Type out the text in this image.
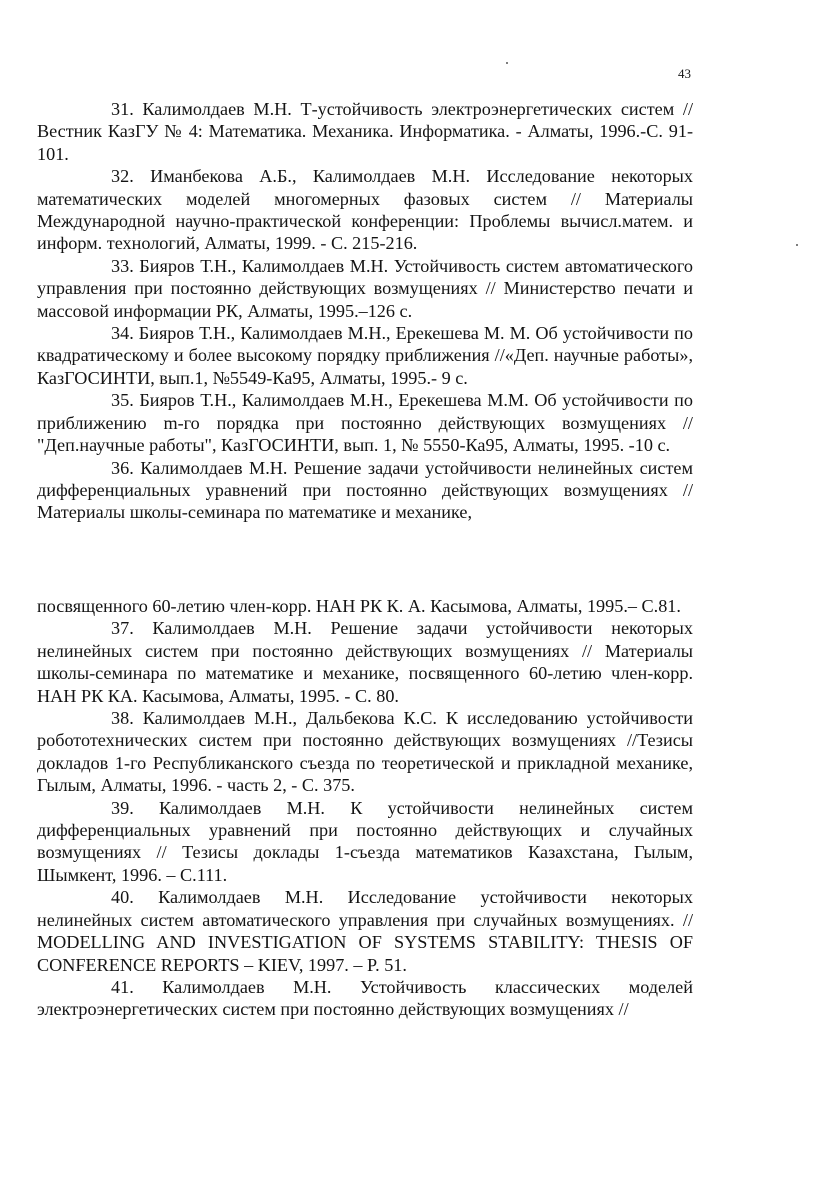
43

31. Калимолдаев М.Н. Т-устойчивость электроэнергетических систем // Вестник КазГУ № 4: Математика. Механика. Информатика. - Алматы, 1996.-С. 91-101.

32. Иманбекова А.Б., Калимолдаев М.Н. Исследование некоторых математических моделей многомерных фазовых систем // Материалы Международной научно-практической конференции: Проблемы вычисл.матем. и информ. технологий, Алматы, 1999. - С. 215-216.

33. Бияров Т.Н., Калимолдаев М.Н. Устойчивость систем автоматического управления при постоянно действующих возмущениях // Министерство печати и массовой информации РК, Алматы, 1995.–126 с.

34. Бияров Т.Н., Калимолдаев М.Н., Ерекешева М. М. Об устойчивости по квадратическому и более высокому порядку приближения //«Деп. научные работы», КазГОСИНТИ, вып.1, №5549-Ка95, Алматы, 1995.- 9 с.

35. Бияров Т.Н., Калимолдаев М.Н., Ерекешева М.М. Об устойчивости по приближению m-го порядка при постоянно действующих возмущениях // "Деп.научные работы", КазГОСИНТИ, вып. 1, № 5550-Ка95, Алматы, 1995. -10 с.

36. Калимолдаев М.Н. Решение задачи устойчивости нелинейных систем дифференциальных уравнений при постоянно действующих возмущениях // Материалы школы-семинара по математике и механике,

посвященного 60-летию член-корр. НАН РК К. А. Касымова, Алматы, 1995.– С.81.

37. Калимолдаев М.Н. Решение задачи устойчивости некоторых нелинейных систем при постоянно действующих возмущениях // Материалы школы-семинара по математике и механике, посвященного 60-летию член-корр. НАН РК КА. Касымова, Алматы, 1995. - С. 80.

38. Калимолдаев М.Н., Дальбекова К.С. К исследованию устойчивости робототехнических систем при постоянно действующих возмущениях //Тезисы докладов 1-го Республиканского съезда по теоретической и прикладной механике, Гылым, Алматы, 1996. - часть 2, - С. 375.

39. Калимолдаев М.Н. К устойчивости нелинейных систем дифференциальных уравнений при постоянно действующих и случайных возмущениях // Тезисы доклады 1-съезда математиков Казахстана, Гылым, Шымкент, 1996. – С.111.

40. Калимолдаев М.Н. Исследование устойчивости некоторых нелинейных систем автоматического управления при случайных возмущениях. // MODELLING AND INVESTIGATION OF SYSTEMS STABILITY: THESIS OF CONFERENCE REPORTS – KIEV, 1997. – P. 51.

41. Калимолдаев М.Н. Устойчивость классических моделей электроэнергетических систем при постоянно действующих возмущениях //
